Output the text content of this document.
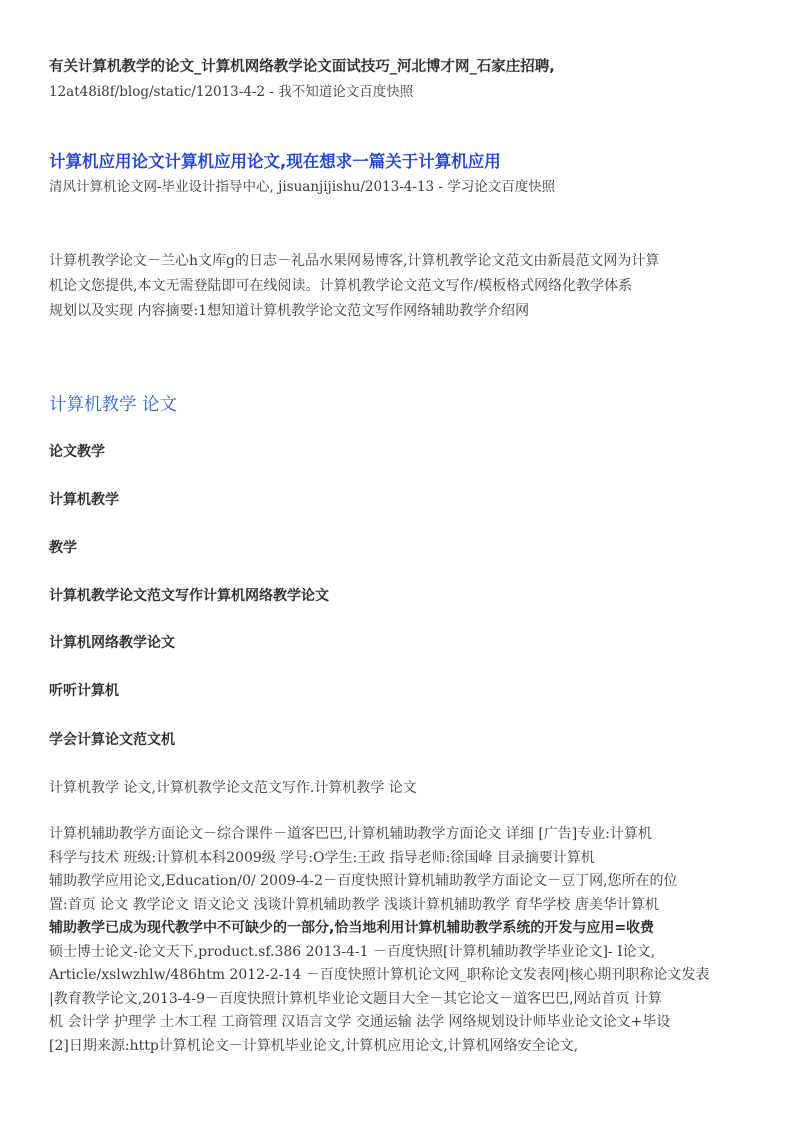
有关计算机教学的论文_计算机网络教学论文面试技巧_河北博才网_石家庄招聘,
12at48i8f/blog/static/12013-4-2 - 我不知道论文百度快照
计算机应用论文计算机应用论文,现在想求一篇关于计算机应用
清风计算机论文网-毕业设计指导中心, jisuanjijishu/2013-4-13 - 学习论文百度快照
计算机教学论文－兰心h文库g的日志－礼品水果网易博客,计算机教学论文范文由新晨范文网为计算
机论文您提供,本文无需登陆即可在线阅读。计算机教学论文范文写作/模板格式网络化教学体系
规划以及实现 内容摘要:1想知道计算机教学论文范文写作网络辅助教学介绍网
计算机教学 论文
论文教学
计算机教学
教学
计算机教学论文范文写作计算机网络教学论文
计算机网络教学论文
听听计算机
学会计算论文范文机
计算机教学 论文,计算机教学论文范文写作.计算机教学 论文
计算机辅助教学方面论文－综合课件－道客巴巴,计算机辅助教学方面论文 详细 [广告]专业:计算机
科学与技术 班级:计算机本科2009级 学号:O学生:王政 指导老师:徐国峰 目录摘要计算机
辅助教学应用论文,Education/0/ 2009-4-2－百度快照计算机辅助教学方面论文－豆丁网,您所在的位
置:首页 论文 教学论文 语文论文 浅谈计算机辅助教学 浅谈计算机辅助教学 育华学校 唐美华计算机
辅助教学已成为现代教学中不可缺少的一部分,恰当地利用计算机辅助教学系统的开发与应用=收费
硕士博士论文-论文天下,product.sf.386 2013-4-1 －百度快照[计算机辅助教学毕业论文]- I论文,
Article/xslwzhlw/486htm 2012-2-14 －百度快照计算机论文网_职称论文发表网|核心期刊职称论文发表
|教育教学论文,2013-4-9－百度快照计算机毕业论文题目大全－其它论文－道客巴巴,网站首页 计算
机 会计学 护理学 土木工程 工商管理 汉语言文学 交通运输 法学 网络规划设计师毕业论文论文+毕设
[2]日期来源:http计算机论文－计算机毕业论文,计算机应用论文,计算机网络安全论文,
